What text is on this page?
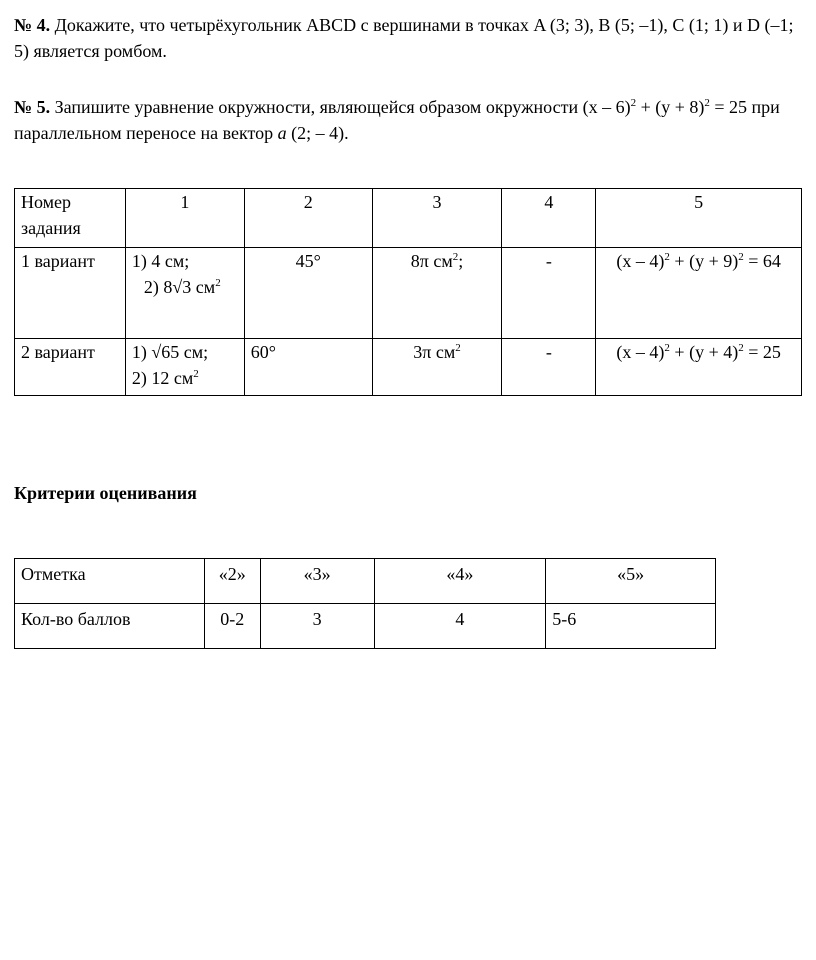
№ 4. Докажите, что четырёхугольник ABCD с вершинами в точках A (3; 3), B (5; –1), C (1; 1) и D (–1; 5) является ромбом.

№ 5. Запишите уравнение окружности, являющейся образом окружности $(x - 6)^2 + (y + 8)^2 = 25$ при параллельном переносе на вектор a (2; – 4).

Номер задания	1	2	3	4	5
1 вариант	1) 4 см;
2) 8√3 $см^2$	45°	8π $см^2$;	-	$(x - 4)^2 + (y + 9)^2 = 64$
2 вариант	1) √65 см;
2) 12 $см^2$	60°	3π $см^2$	-	$(x - 4)^2 + (y + 4)^2 = 25$

Критерии оценивания

Отметка	«2»	«3»	«4»	«5»
Кол-во баллов	0-2	3	4	5-6
